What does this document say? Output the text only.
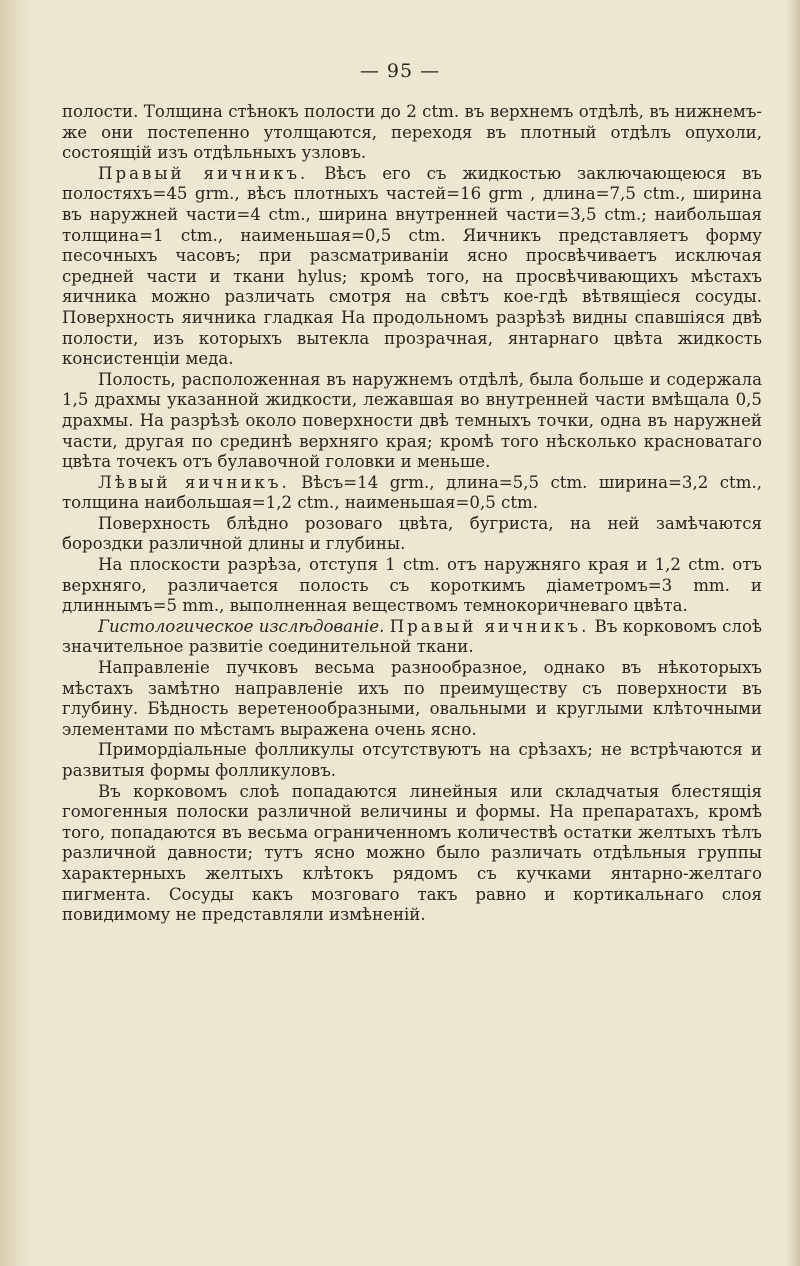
— 95 —

полости. Толщина стѣнокъ полости до 2 ctm. въ верхнемъ отдѣлѣ, въ нижнемъ-же они постепенно утолщаются, переходя въ плотный отдѣлъ опухоли, состоящій изъ отдѣльныхъ узловъ.

Правый яичникъ. Вѣсъ его съ жидкостью заключающеюся въ полостяхъ=45 grm., вѣсъ плотныхъ частей=16 grm , длина=7,5 ctm., ширина въ наружней части=4 ctm., ширина внутренней части=3,5 ctm.; наибольшая толщина=1 ctm., наименьшая=0,5 ctm. Яичникъ представляетъ форму песочныхъ часовъ; при разсматриваніи ясно просвѣчиваетъ исключая средней части и ткани hylus; кромѣ того, на просвѣчивающихъ мѣстахъ яичника можно различать смотря на свѣтъ кое-гдѣ вѣтвящіеся сосуды. Поверхность яичника гладкая На продольномъ разрѣзѣ видны спавшіяся двѣ полости, изъ которыхъ вытекла прозрачная, янтарнаго цвѣта жидкость консистенціи меда.

Полость, расположенная въ наружнемъ отдѣлѣ, была больше и содержала 1,5 драхмы указанной жидкости, лежавшая во внутренней части вмѣщала 0,5 драхмы. На разрѣзѣ около поверхности двѣ темныхъ точки, одна въ наружней части, другая по срединѣ верхняго края; кромѣ того нѣсколько красноватаго цвѣта точекъ отъ булавочной головки и меньше.

Лѣвый яичникъ. Вѣсъ=14 grm., длина=5,5 ctm. ширина=3,2 ctm., толщина наибольшая=1,2 ctm., наименьшая=0,5 ctm.

Поверхность блѣдно розоваго цвѣта, бугриста, на ней замѣчаются бороздки различной длины и глубины.

На плоскости разрѣза, отступя 1 ctm. отъ наружняго края и 1,2 ctm. отъ верхняго, различается полость съ короткимъ діаметромъ=3 mm. и длиннымъ=5 mm., выполненная веществомъ темнокоричневаго цвѣта.

Гистологическое изслѣдованіе. Правый яичникъ. Въ корковомъ слоѣ значительное развитіе соединительной ткани.

Направленіе пучковъ весьма разнообразное, однако въ нѣкоторыхъ мѣстахъ замѣтно направленіе ихъ по преимуществу съ поверхности въ глубину. Бѣдность веретенообразными, овальными и круглыми клѣточными элементами по мѣстамъ выражена очень ясно.

Примордіальные фолликулы отсутствуютъ на срѣзахъ; не встрѣчаются и развитыя формы фолликуловъ.

Въ корковомъ слоѣ попадаются линейныя или складчатыя блестящія гомогенныя полоски различной величины и формы. На препаратахъ, кромѣ того, попадаются въ весьма ограниченномъ количествѣ остатки желтыхъ тѣлъ различной давности; тутъ ясно можно было различать отдѣльныя группы характерныхъ желтыхъ клѣтокъ рядомъ съ кучками янтарно-желтаго пигмента. Сосуды какъ мозговаго такъ равно и кортикальнаго слоя повидимому не представляли измѣненій.
